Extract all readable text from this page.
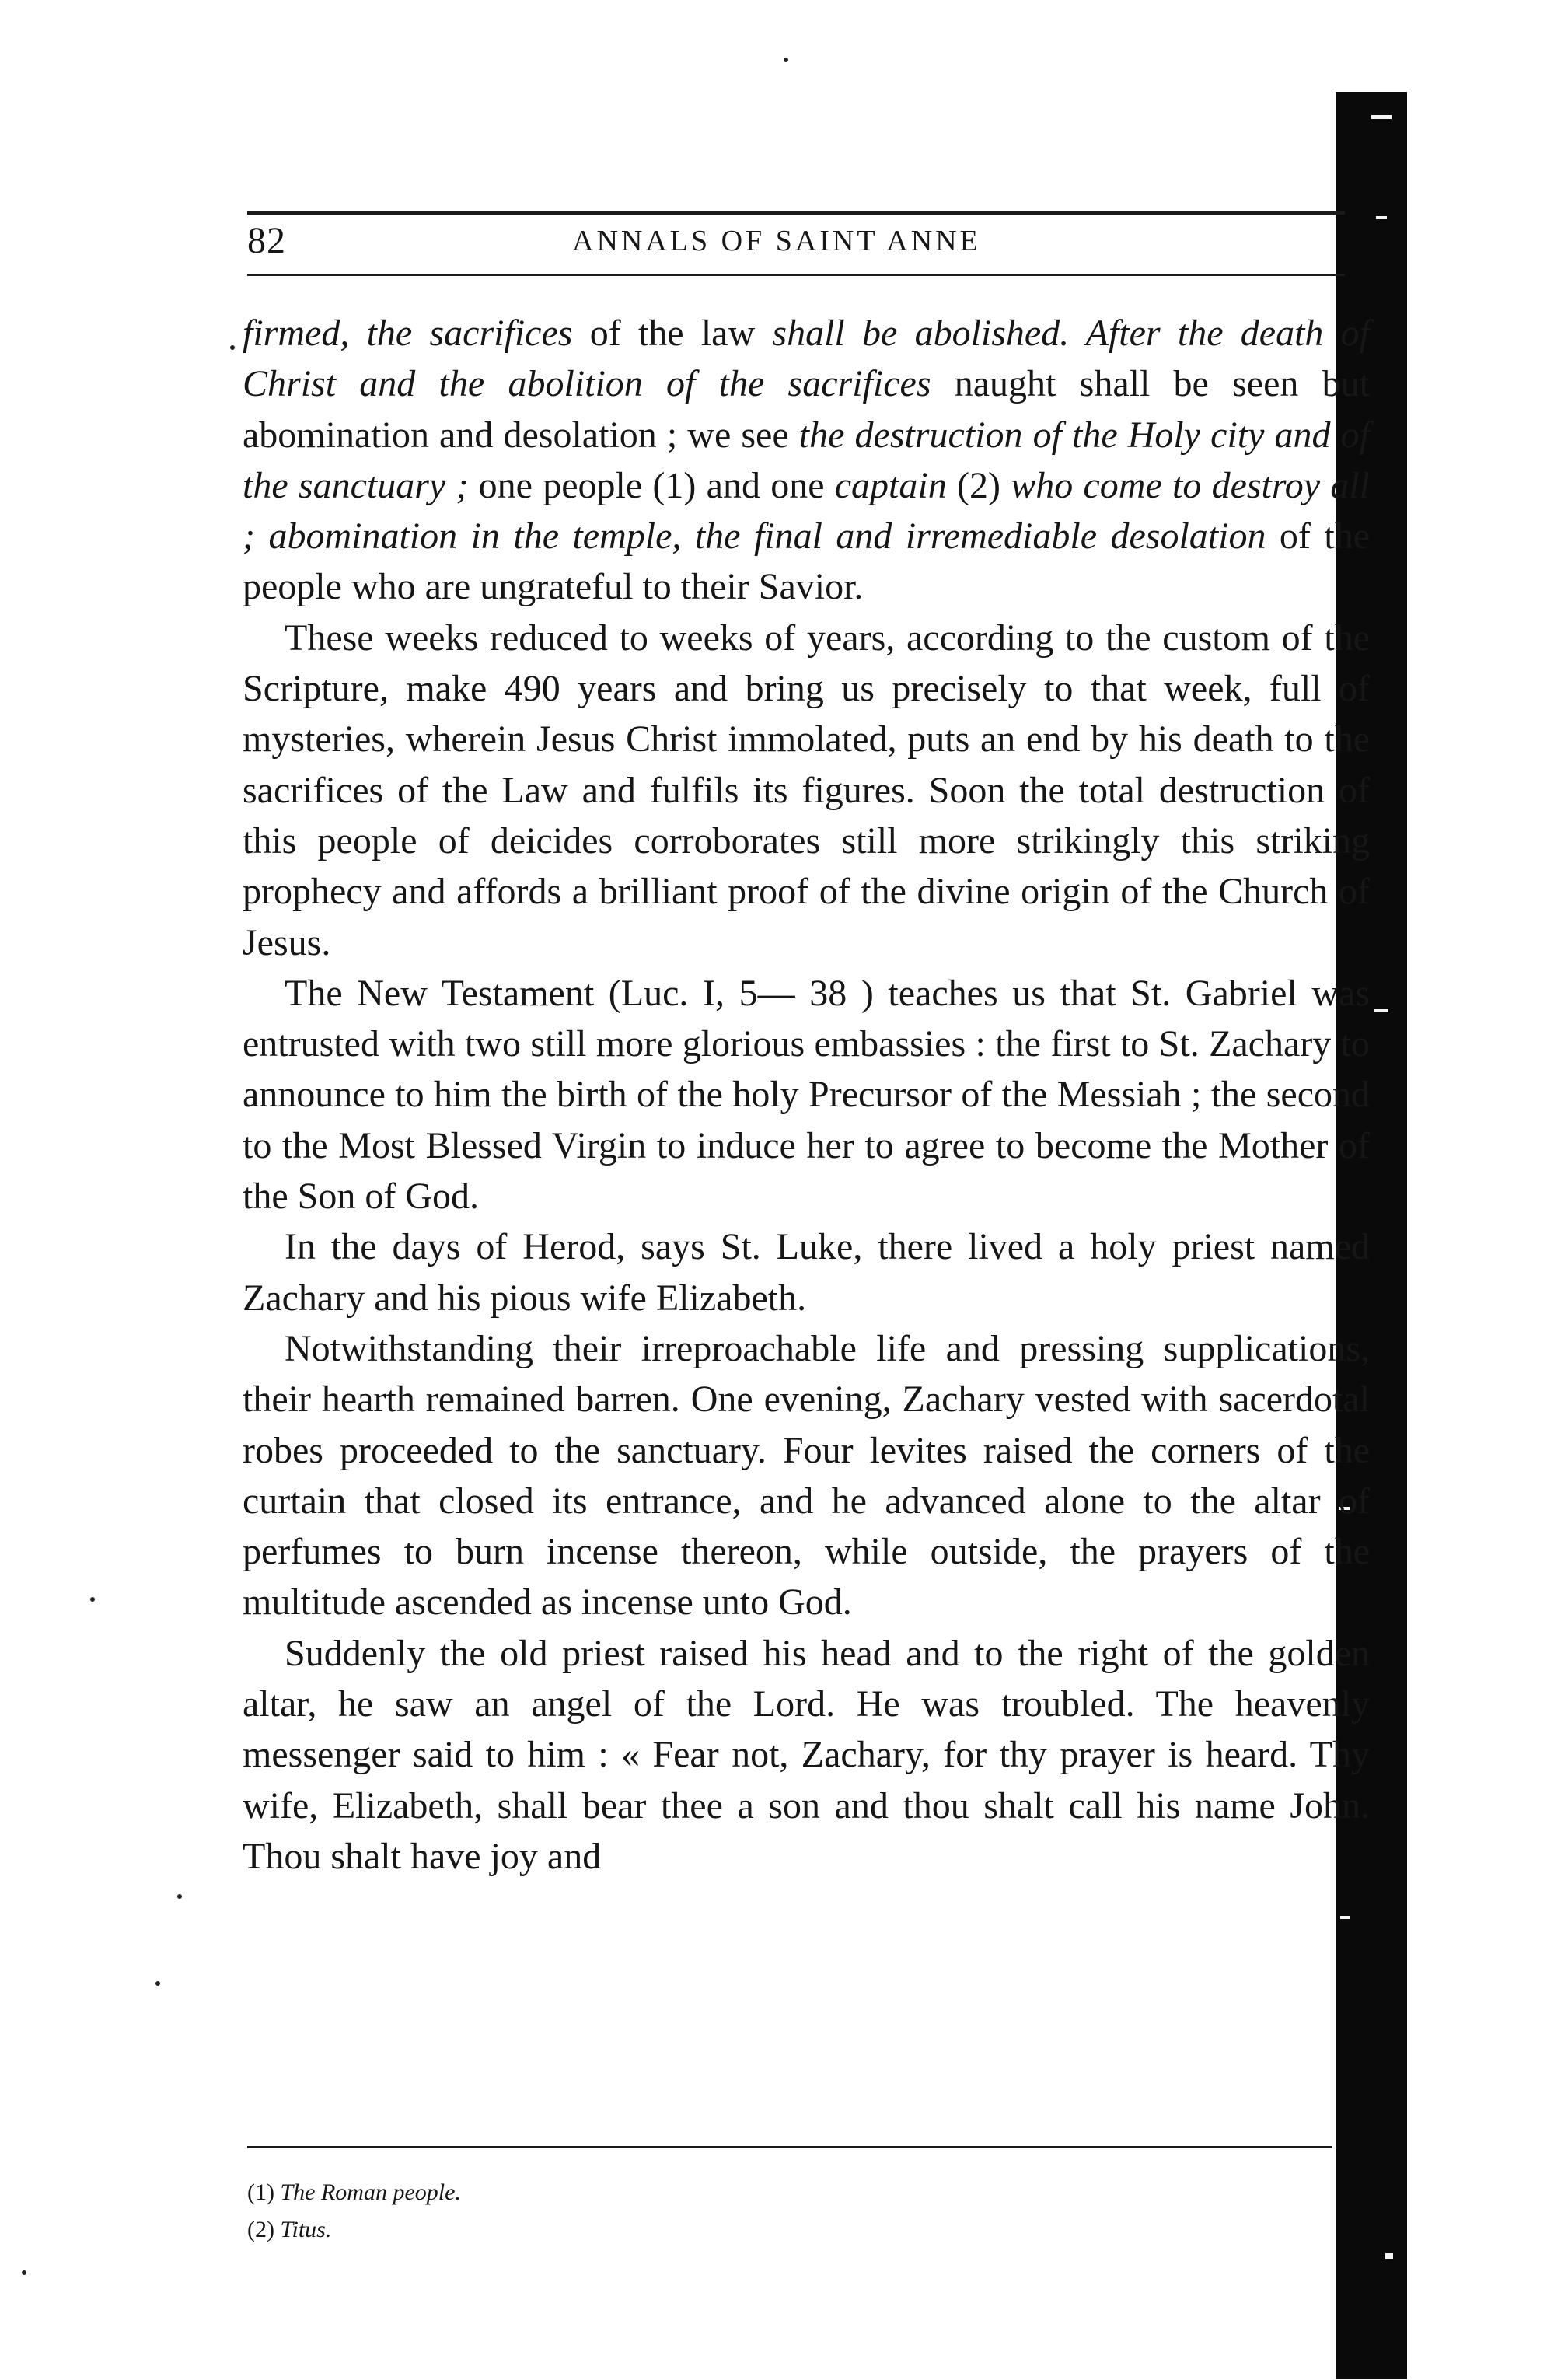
82	ANNALS OF SAINT ANNE

firmed, the sacrifices of the law shall be abolished. After the death of Christ and the abolition of the sacrifices naught shall be seen but abomination and desolation ; we see the destruction of the Holy city and of the sanctuary ; one people (1) and one captain (2) who come to destroy all ; abomination in the temple, the final and irremediable desolation of the people who are ungrateful to their Savior.

These weeks reduced to weeks of years, according to the custom of the Scripture, make 490 years and bring us precisely to that week, full of mysteries, wherein Jesus Christ immolated, puts an end by his death to the sacrifices of the Law and fulfils its figures. Soon the total destruction of this people of deicides corroborates still more strikingly this striking prophecy and affords a brilliant proof of the divine origin of the Church of Jesus.

The New Testament (Luc. I, 5— 38 ) teaches us that St. Gabriel was entrusted with two still more glorious embassies : the first to St. Zachary to announce to him the birth of the holy Precursor of the Messiah ; the second to the Most Blessed Virgin to induce her to agree to become the Mother of the Son of God.

In the days of Herod, says St. Luke, there lived a holy priest named Zachary and his pious wife Elizabeth.

Notwithstanding their irreproachable life and pressing supplications, their hearth remained barren. One evening, Zachary vested with sacerdotal robes proceeded to the sanctuary. Four levites raised the corners of the curtain that closed its entrance, and he advanced alone to the altar of perfumes to burn incense thereon, while outside, the prayers of the multitude ascended as incense unto God.

Suddenly the old priest raised his head and to the right of the golden altar, he saw an angel of the Lord. He was troubled. The heavenly messenger said to him : « Fear not, Zachary, for thy prayer is heard. Thy wife, Elizabeth, shall bear thee a son and thou shalt call his name John. Thou shalt have joy and

(1) The Roman people.
(2) Titus.
